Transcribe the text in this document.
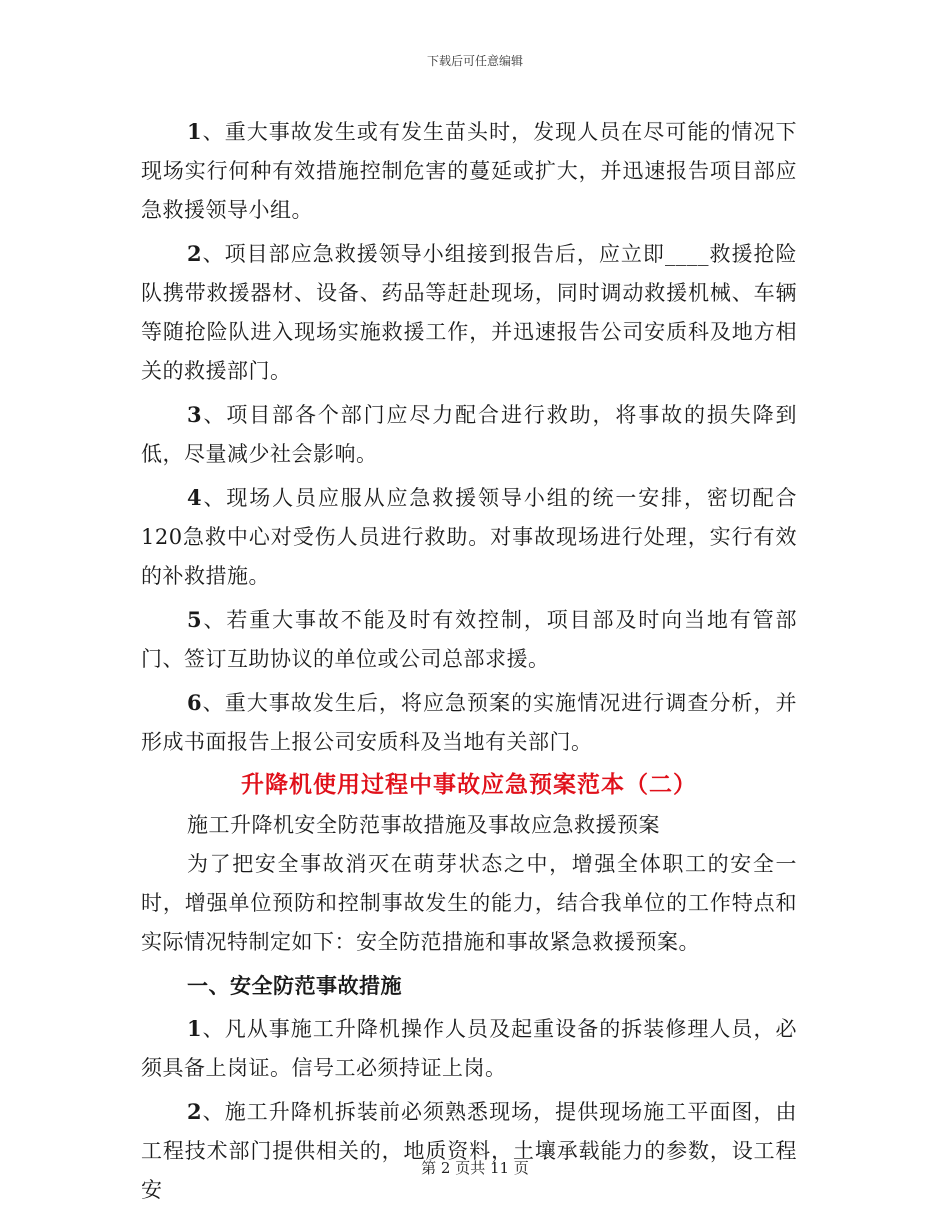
下载后可任意编辑

1、重大事故发生或有发生苗头时，发现人员在尽可能的情况下现场实行何种有效措施控制危害的蔓延或扩大，并迅速报告项目部应急救援领导小组。

2、项目部应急救援领导小组接到报告后，应立即____救援抢险队携带救援器材、设备、药品等赶赴现场，同时调动救援机械、车辆等随抢险队进入现场实施救援工作，并迅速报告公司安质科及地方相关的救援部门。

3、项目部各个部门应尽力配合进行救助，将事故的损失降到低，尽量减少社会影响。

4、现场人员应服从应急救援领导小组的统一安排，密切配合120急救中心对受伤人员进行救助。对事故现场进行处理，实行有效的补救措施。

5、若重大事故不能及时有效控制，项目部及时向当地有管部门、签订互助协议的单位或公司总部求援。

6、重大事故发生后，将应急预案的实施情况进行调查分析，并形成书面报告上报公司安质科及当地有关部门。

升降机使用过程中事故应急预案范本（二）

施工升降机安全防范事故措施及事故应急救援预案

为了把安全事故消灭在萌芽状态之中，增强全体职工的安全一时，增强单位预防和控制事故发生的能力，结合我单位的工作特点和实际情况特制定如下：安全防范措施和事故紧急救援预案。

一、安全防范事故措施

1、凡从事施工升降机操作人员及起重设备的拆装修理人员，必须具备上岗证。信号工必须持证上岗。

2、施工升降机拆装前必须熟悉现场，提供现场施工平面图，由工程技术部门提供相关的，地质资料，土壤承载能力的参数，设工程安

第 2 页共 11 页
